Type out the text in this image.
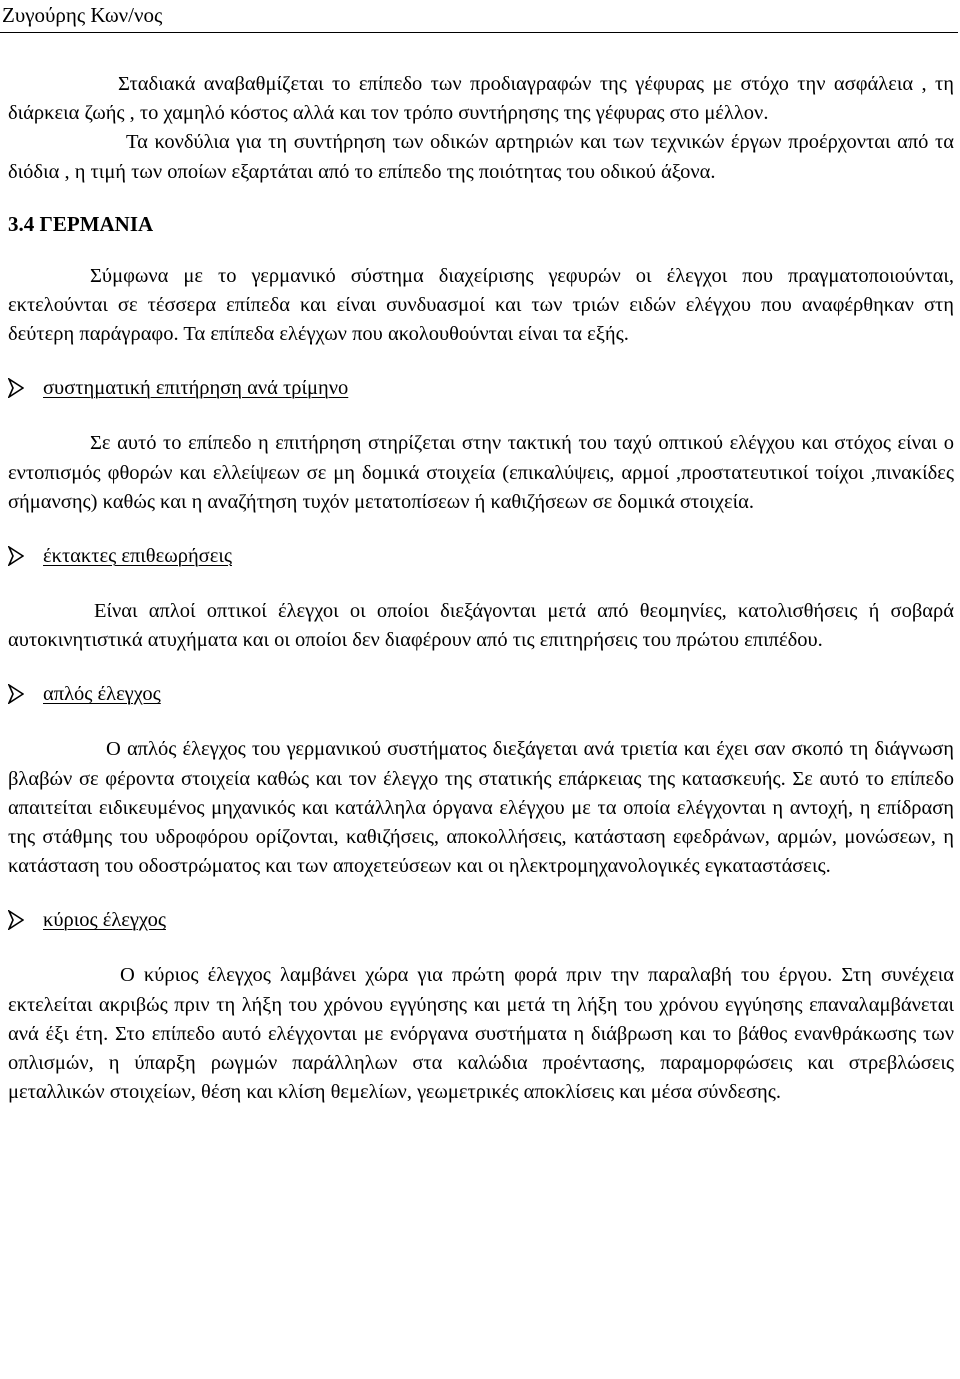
Ζυγούρης Κων/νος

Σταδιακά αναβαθμίζεται το επίπεδο των προδιαγραφών της γέφυρας με στόχο την ασφάλεια , τη διάρκεια ζωής , το χαμηλό κόστος αλλά και τον τρόπο συντήρησης της γέφυρας στο μέλλον.

Τα κονδύλια για τη συντήρηση των οδικών αρτηριών και των τεχνικών έργων προέρχονται από τα διόδια , η τιμή των οποίων εξαρτάται από το επίπεδο της ποιότητας του οδικού άξονα.

3.4 ΓΕΡΜΑΝΙΑ

Σύμφωνα με το γερμανικό σύστημα διαχείρισης γεφυρών οι έλεγχοι που πραγματοποιούνται, εκτελούνται σε τέσσερα επίπεδα και είναι συνδυασμοί και των τριών ειδών ελέγχου που αναφέρθηκαν στη δεύτερη παράγραφο. Τα επίπεδα ελέγχων που ακολουθούνται είναι τα εξής.

συστηματική επιτήρηση ανά τρίμηνο

Σε αυτό το επίπεδο η επιτήρηση στηρίζεται στην τακτική του ταχύ οπτικού ελέγχου και στόχος είναι ο εντοπισμός φθορών και ελλείψεων σε μη δομικά στοιχεία (επικαλύψεις, αρμοί ,προστατευτικοί τοίχοι ,πινακίδες σήμανσης) καθώς και η αναζήτηση τυχόν μετατοπίσεων ή καθιζήσεων σε δομικά στοιχεία.

έκτακτες επιθεωρήσεις

Είναι απλοί οπτικοί έλεγχοι οι οποίοι διεξάγονται μετά από θεομηνίες, κατολισθήσεις ή σοβαρά αυτοκινητιστικά ατυχήματα και οι οποίοι δεν διαφέρουν από τις επιτηρήσεις του πρώτου επιπέδου.

απλός έλεγχος

Ο απλός έλεγχος του γερμανικού συστήματος διεξάγεται ανά τριετία και έχει σαν σκοπό τη διάγνωση βλαβών σε φέροντα στοιχεία καθώς και τον έλεγχο της στατικής επάρκειας της κατασκευής. Σε αυτό το επίπεδο απαιτείται ειδικευμένος μηχανικός και κατάλληλα όργανα ελέγχου με τα οποία ελέγχονται η αντοχή, η επίδραση της στάθμης του υδροφόρου ορίζονται, καθιζήσεις, αποκολλήσεις, κατάσταση εφεδράνων, αρμών, μονώσεων, η κατάσταση του οδοστρώματος και των αποχετεύσεων και οι ηλεκτρομηχανολογικές εγκαταστάσεις.

κύριος έλεγχος

Ο κύριος έλεγχος λαμβάνει χώρα για πρώτη φορά πριν την παραλαβή του έργου. Στη συνέχεια εκτελείται ακριβώς πριν τη λήξη του χρόνου εγγύησης και μετά τη λήξη του χρόνου εγγύησης επαναλαμβάνεται ανά έξι έτη. Στο επίπεδο αυτό ελέγχονται με ενόργανα συστήματα η διάβρωση και το βάθος ενανθράκωσης των οπλισμών, η ύπαρξη ρωγμών παράλληλων στα καλώδια προέντασης, παραμορφώσεις και στρεβλώσεις μεταλλικών στοιχείων, θέση και κλίση θεμελίων, γεωμετρικές αποκλίσεις και μέσα σύνδεσης.
